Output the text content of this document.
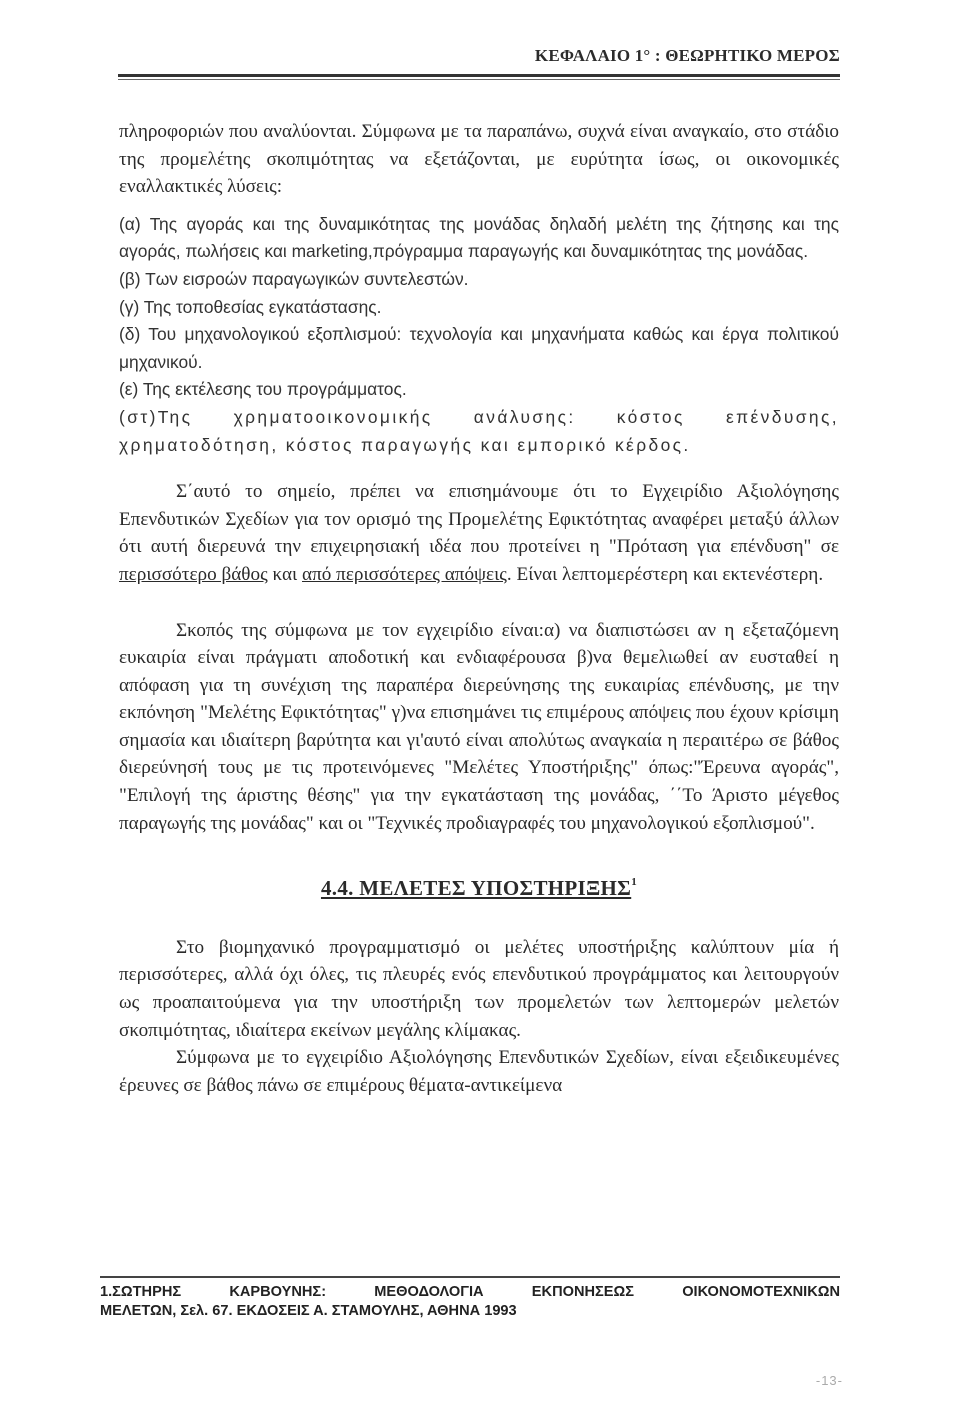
ΚΕΦΑΛΑΙΟ 1° : ΘΕΩΡΗΤΙΚΟ ΜΕΡΟΣ

πληροφοριών που αναλύονται. Σύμφωνα με τα παραπάνω, συχνά είναι αναγκαίο, στο στάδιο της προμελέτης σκοπιμότητας να εξετάζονται, με ευρύτητα ίσως, οι οικονομικές εναλλακτικές λύσεις:

(α) Της αγοράς και της δυναμικότητας της μονάδας δηλαδή μελέτη της ζήτησης και της αγοράς, πωλήσεις και marketing,πρόγραμμα παραγωγής και δυναμικότητας της μονάδας.

(β) Των εισροών παραγωγικών συντελεστών.

(γ) Της τοποθεσίας εγκατάστασης.

(δ) Του μηχανολογικού εξοπλισμού: τεχνολογία και μηχανήματα καθώς και έργα πολιτικού μηχανικού.

(ε) Της εκτέλεσης του προγράμματος.

(στ)Της χρηματοοικονομικής ανάλυσης: κόστος επένδυσης, χρηματοδότηση, κόστος παραγωγής και εμπορικό κέρδος.

Σ΄αυτό το σημείο, πρέπει να επισημάνουμε ότι το Εγχειρίδιο Αξιολόγησης Επενδυτικών Σχεδίων για τον ορισμό της Προμελέτης Εφικτότητας αναφέρει μεταξύ άλλων ότι αυτή διερευνά την επιχειρησιακή ιδέα που προτείνει η "Πρόταση για επένδυση" σε περισσότερο βάθος και από περισσότερες απόψεις. Είναι λεπτομερέστερη και εκτενέστερη.

Σκοπός της σύμφωνα με τον εγχειρίδιο είναι:α) να διαπιστώσει αν η εξεταζόμενη ευκαιρία είναι πράγματι αποδοτική και ενδιαφέρουσα β)να θεμελιωθεί αν ευσταθεί η απόφαση για τη συνέχιση της παραπέρα διερεύνησης της ευκαιρίας επένδυσης, με την εκπόνηση "Μελέτης Εφικτότητας" γ)να επισημάνει τις επιμέρους απόψεις που έχουν κρίσιμη σημασία και ιδιαίτερη βαρύτητα και γι'αυτό είναι απολύτως αναγκαία η περαιτέρω σε βάθος διερεύνησή τους με τις προτεινόμενες "Μελέτες Υποστήριξης" όπως:"Έρευνα αγοράς", "Επιλογή της άριστης θέσης" για την εγκατάσταση της μονάδας, ΄΄Το Άριστο μέγεθος παραγωγής της μονάδας" και οι "Τεχνικές προδιαγραφές του μηχανολογικού εξοπλισμού".

4.4. ΜΕΛΕΤΕΣ ΥΠΟΣΤΗΡΙΞΗΣ$^1$

Στο βιομηχανικό προγραμματισμό οι μελέτες υποστήριξης καλύπτουν μία ή περισσότερες, αλλά όχι όλες, τις πλευρές ενός επενδυτικού προγράμματος και λειτουργούν ως προαπαιτούμενα για την υποστήριξη των προμελετών των λεπτομερών μελετών σκοπιμότητας, ιδιαίτερα εκείνων μεγάλης κλίμακας.

Σύμφωνα με τo εγχειρίδιο Αξιολόγησης Επενδυτικών Σχεδίων, είναι εξειδικευμένες έρευνες σε βάθος πάνω σε επιμέρους θέματα-αντικείμενα

1.ΣΩΤΗΡΗΣ ΚΑΡΒΟΥΝΗΣ: ΜΕΘΟΔΟΛΟΓΙΑ ΕΚΠΟΝΗΣΕΩΣ ΟΙΚΟΝΟΜΟΤΕΧΝΙΚΩΝ
ΜΕΛΕΤΩΝ, Σελ. 67. ΕΚΔΟΣΕΙΣ Α. ΣΤΑΜΟΥΛΗΣ, ΑΘΗΝΑ 1993
-13-
